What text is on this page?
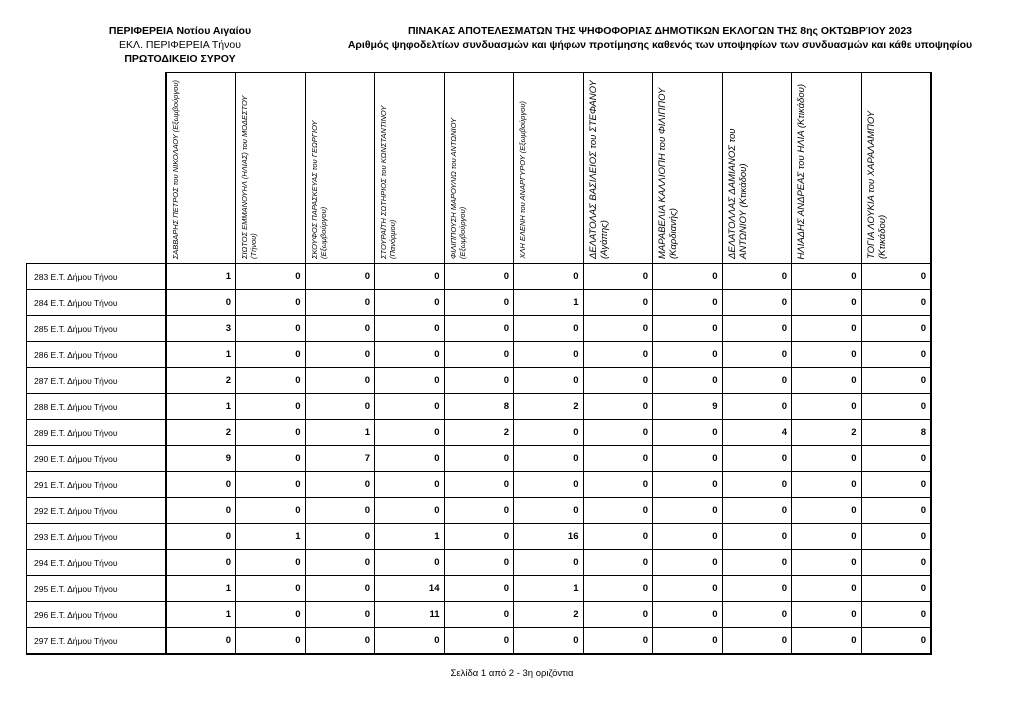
ΠΕΡΙΦΕΡΕΙΑ Νοτίου Αιγαίου
ΕΚΛ. ΠΕΡΙΦΕΡΕΙΑ Τήνου
ΠΡΩΤΟΔΙΚΕΙΟ ΣΥΡΟΥ
ΠΙΝΑΚΑΣ ΑΠΟΤΕΛΕΣΜΑΤΩΝ ΤΗΣ ΨΗΦΟΦΟΡΙΑΣ ΔΗΜΟΤΙΚΩΝ ΕΚΛΟΓΩΝ ΤΗΣ 8ης ΟΚΤΩΒΡΊΟΥ 2023
Αριθμός ψηφοδελτίων συνδυασμών και ψήφων προτίμησης καθενός των υποψηφίων των συνδυασμών και κάθε υποψηφίου

	ΣΑΒΒΑΡΗΣ ΠΕΤΡΟΣ του ΝΙΚΟΛΑΟΥ (Εξωμβούργου)	ΣΙΩΤΟΣ ΕΜΜΑΝΟΥΗΛ (ΗΛΙΑΣ) του ΜΟΔΕΣΤΟΥ (Τήνου)	ΣΚΟΥΦΟΣ ΠΑΡΑΣΚΕΥΑΣ του ΓΕΩΡΓΙΟΥ (Εξωμβούργου)	ΣΤΟΥΡΑΪΤΗ ΣΩΤΗΡΙΟΣ του ΚΩΝΣΤΑΝΤΙΝΟΥ (Πανόρμου)	ΦΙΛΙΠΠΟΥΣΗ ΜΑΡΟΥΛΙΩ του ΑΝΤΩΝΙΟΥ (Εξωμβούργου)	ΧΛΗ ΕΛΕΝΗ του ΑΝΑΡΓΥΡΟΥ (Εξωμβούργου)	ΔΕΛΑΤΟΛΑΣ ΒΑΣΙΛΕΙΟΣ του ΣΤΕΦΑΝΟΥ (Αγάπης)	ΜΑΡΑΒΕΛΙΑ ΚΑΛΛΙΟΠΗ του ΦΙΛΙΠΠΟΥ (Καρδιανής)	ΔΕΛΑΤΟΛΛΑΣ ΔΑΜΙΑΝΟΣ του ΑΝΤΩΝΙΟΥ (Κτικάδου)	ΗΛΙΑΔΗΣ ΑΝΔΡΕΑΣ του ΗΛΙΑ (Κτικάδου)	ΤΟΓΙΑ ΛΟΥΚΙΑ του ΧΑΡΑΛΑΜΠΟΥ (Κτικάδου)

283 Ε.Τ. Δήμου Τήνου	1	0	0	0	0	0	0	0	0	0	0
284 Ε.Τ. Δήμου Τήνου	0	0	0	0	0	1	0	0	0	0	0
285 Ε.Τ. Δήμου Τήνου	3	0	0	0	0	0	0	0	0	0	0
286 Ε.Τ. Δήμου Τήνου	1	0	0	0	0	0	0	0	0	0	0
287 Ε.Τ. Δήμου Τήνου	2	0	0	0	0	0	0	0	0	0	0
288 Ε.Τ. Δήμου Τήνου	1	0	0	0	8	2	0	9	0	0	0
289 Ε.Τ. Δήμου Τήνου	2	0	1	0	2	0	0	0	4	2	8
290 Ε.Τ. Δήμου Τήνου	9	0	7	0	0	0	0	0	0	0	0
291 Ε.Τ. Δήμου Τήνου	0	0	0	0	0	0	0	0	0	0	0
292 Ε.Τ. Δήμου Τήνου	0	0	0	0	0	0	0	0	0	0	0
293 Ε.Τ. Δήμου Τήνου	0	1	0	1	0	16	0	0	0	0	0
294 Ε.Τ. Δήμου Τήνου	0	0	0	0	0	0	0	0	0	0	0
295 Ε.Τ. Δήμου Τήνου	1	0	0	14	0	1	0	0	0	0	0
296 Ε.Τ. Δήμου Τήνου	1	0	0	11	0	2	0	0	0	0	0
297 Ε.Τ. Δήμου Τήνου	0	0	0	0	0	0	0	0	0	0	0
Σελίδα 1 από 2 - 3η οριζόντια
